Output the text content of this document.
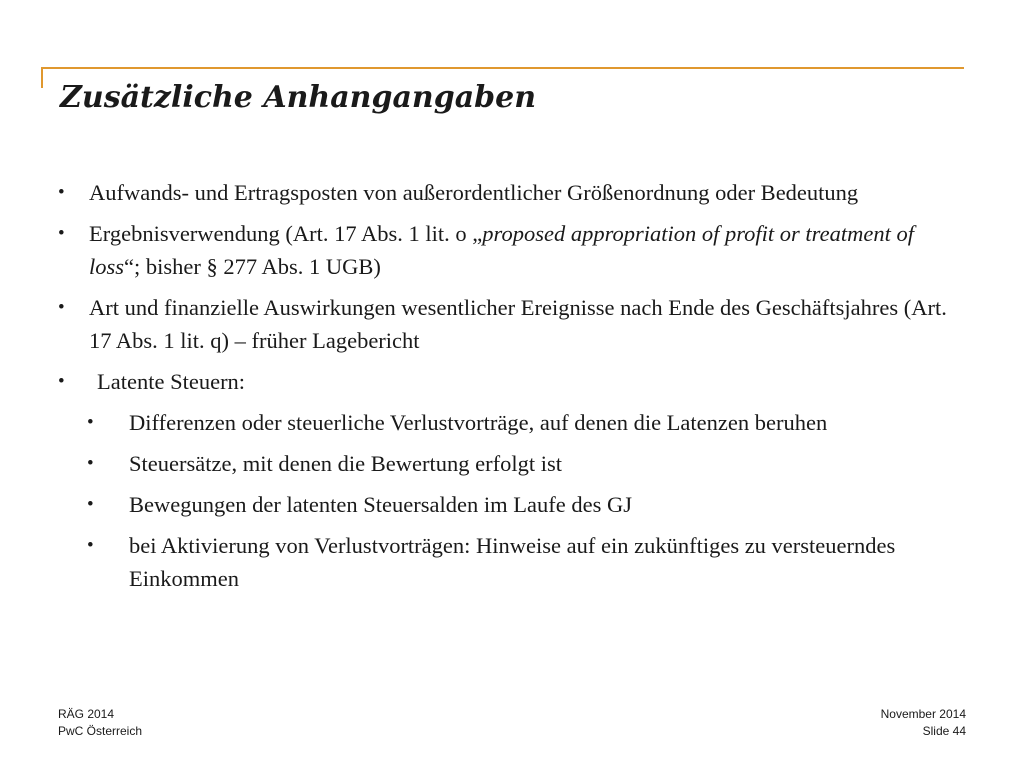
Zusätzliche Anhangangaben
• Aufwands- und Ertragsposten von außerordentlicher Größenordnung oder Bedeutung
• Ergebnisverwendung (Art. 17 Abs. 1 lit. o „proposed appropriation of profit or treatment of loss“; bisher § 277 Abs. 1 UGB)
• Art und finanzielle Auswirkungen wesentlicher Ereignisse nach Ende des Geschäftsjahres (Art. 17 Abs. 1 lit. q) – früher Lagebericht
•	Latente Steuern:
• Differenzen oder steuerliche Verlustvorträge, auf denen die Latenzen beruhen
• Steuersätze, mit denen die Bewertung erfolgt ist
• Bewegungen der latenten Steuersalden im Laufe des GJ
• bei Aktivierung von Verlustvorträgen: Hinweise auf ein zukünftiges zu versteuerndes Einkommen
RÄG 2014
PwC Österreich
November 2014
Slide 44
